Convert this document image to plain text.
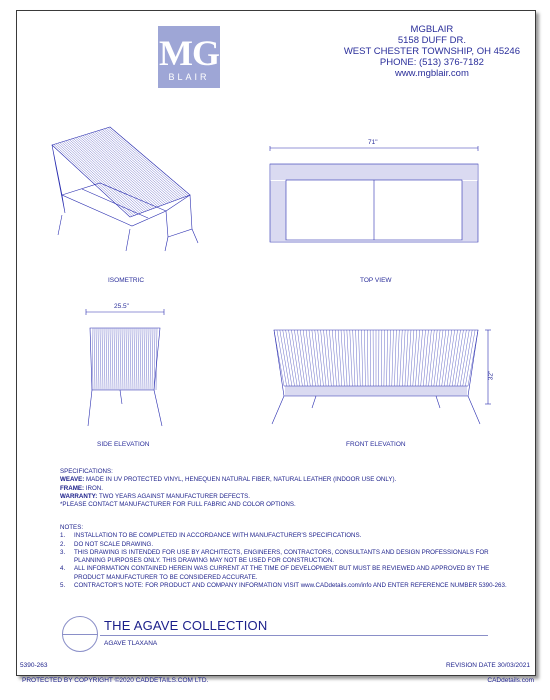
MG
BLAIR
MGBLAIR
5158 DUFF DR.
WEST CHESTER TOWNSHIP, OH 45246
PHONE: (513) 376-7182
www.mgblair.com
ISOMETRIC
71"
TOP VIEW
25.5"
SIDE ELEVATION
32"
FRONT ELEVATION
SPECIFICATIONS:
WEAVE: MADE IN UV PROTECTED VINYL, HENEQUEN NATURAL FIBER, NATURAL LEATHER (INDOOR USE ONLY).
FRAME: IRON.
WARRANTY: TWO YEARS AGAINST MANUFACTURER DEFECTS.
*PLEASE CONTACT MANUFACTURER FOR FULL FABRIC AND COLOR OPTIONS.
NOTES:
1.	INSTALLATION TO BE COMPLETED IN ACCORDANCE WITH MANUFACTURER'S SPECIFICATIONS.
2.	DO NOT SCALE DRAWING.
3.	THIS DRAWING IS INTENDED FOR USE BY ARCHITECTS, ENGINEERS, CONTRACTORS, CONSULTANTS AND DESIGN PROFESSIONALS FOR PLANNING PURPOSES ONLY. THIS DRAWING MAY NOT BE USED FOR CONSTRUCTION.
4.	ALL INFORMATION CONTAINED HEREIN WAS CURRENT AT THE TIME OF DEVELOPMENT BUT MUST BE REVIEWED AND APPROVED BY THE PRODUCT MANUFACTURER TO BE CONSIDERED ACCURATE.
5.	CONTRACTOR'S NOTE: FOR PRODUCT AND COMPANY INFORMATION VISIT www.CADdetails.com/info AND ENTER REFERENCE NUMBER 5390-263.
THE AGAVE COLLECTION
AGAVE TLAXANA
5390-263	REVISION DATE 30/03/2021
PROTECTED BY COPYRIGHT ©2020 CADDETAILS.COM LTD.	CADdetails.com
